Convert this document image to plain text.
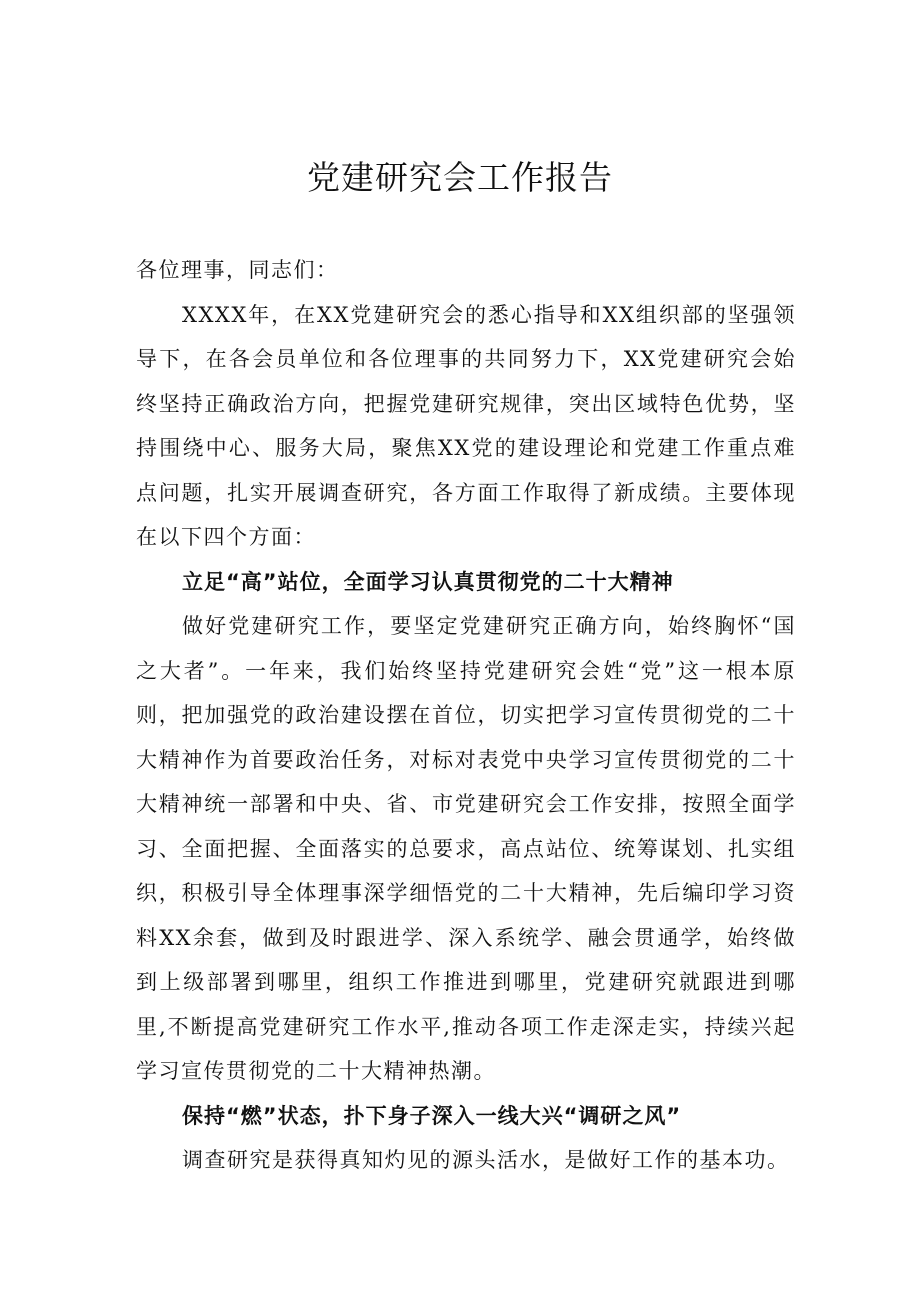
党建研究会工作报告

各位理事，同志们：

XXXX年，在XX党建研究会的悉心指导和XX组织部的坚强领导下，在各会员单位和各位理事的共同努力下，XX党建研究会始终坚持正确政治方向，把握党建研究规律，突出区域特色优势，坚持围绕中心、服务大局，聚焦XX党的建设理论和党建工作重点难点问题，扎实开展调查研究，各方面工作取得了新成绩。主要体现在以下四个方面：

立足“高”站位，全面学习认真贯彻党的二十大精神

做好党建研究工作，要坚定党建研究正确方向，始终胸怀“国之大者”。一年来，我们始终坚持党建研究会姓“党”这一根本原则，把加强党的政治建设摆在首位，切实把学习宣传贯彻党的二十大精神作为首要政治任务，对标对表党中央学习宣传贯彻党的二十大精神统一部署和中央、省、市党建研究会工作安排，按照全面学习、全面把握、全面落实的总要求，高点站位、统筹谋划、扎实组织，积极引导全体理事深学细悟党的二十大精神，先后编印学习资料XX余套，做到及时跟进学、深入系统学、融会贯通学，始终做到上级部署到哪里，组织工作推进到哪里，党建研究就跟进到哪里,不断提高党建研究工作水平,推动各项工作走深走实，持续兴起学习宣传贯彻党的二十大精神热潮。

保持“燃”状态，扑下身子深入一线大兴“调研之风”

调查研究是获得真知灼见的源头活水，是做好工作的基本功。
